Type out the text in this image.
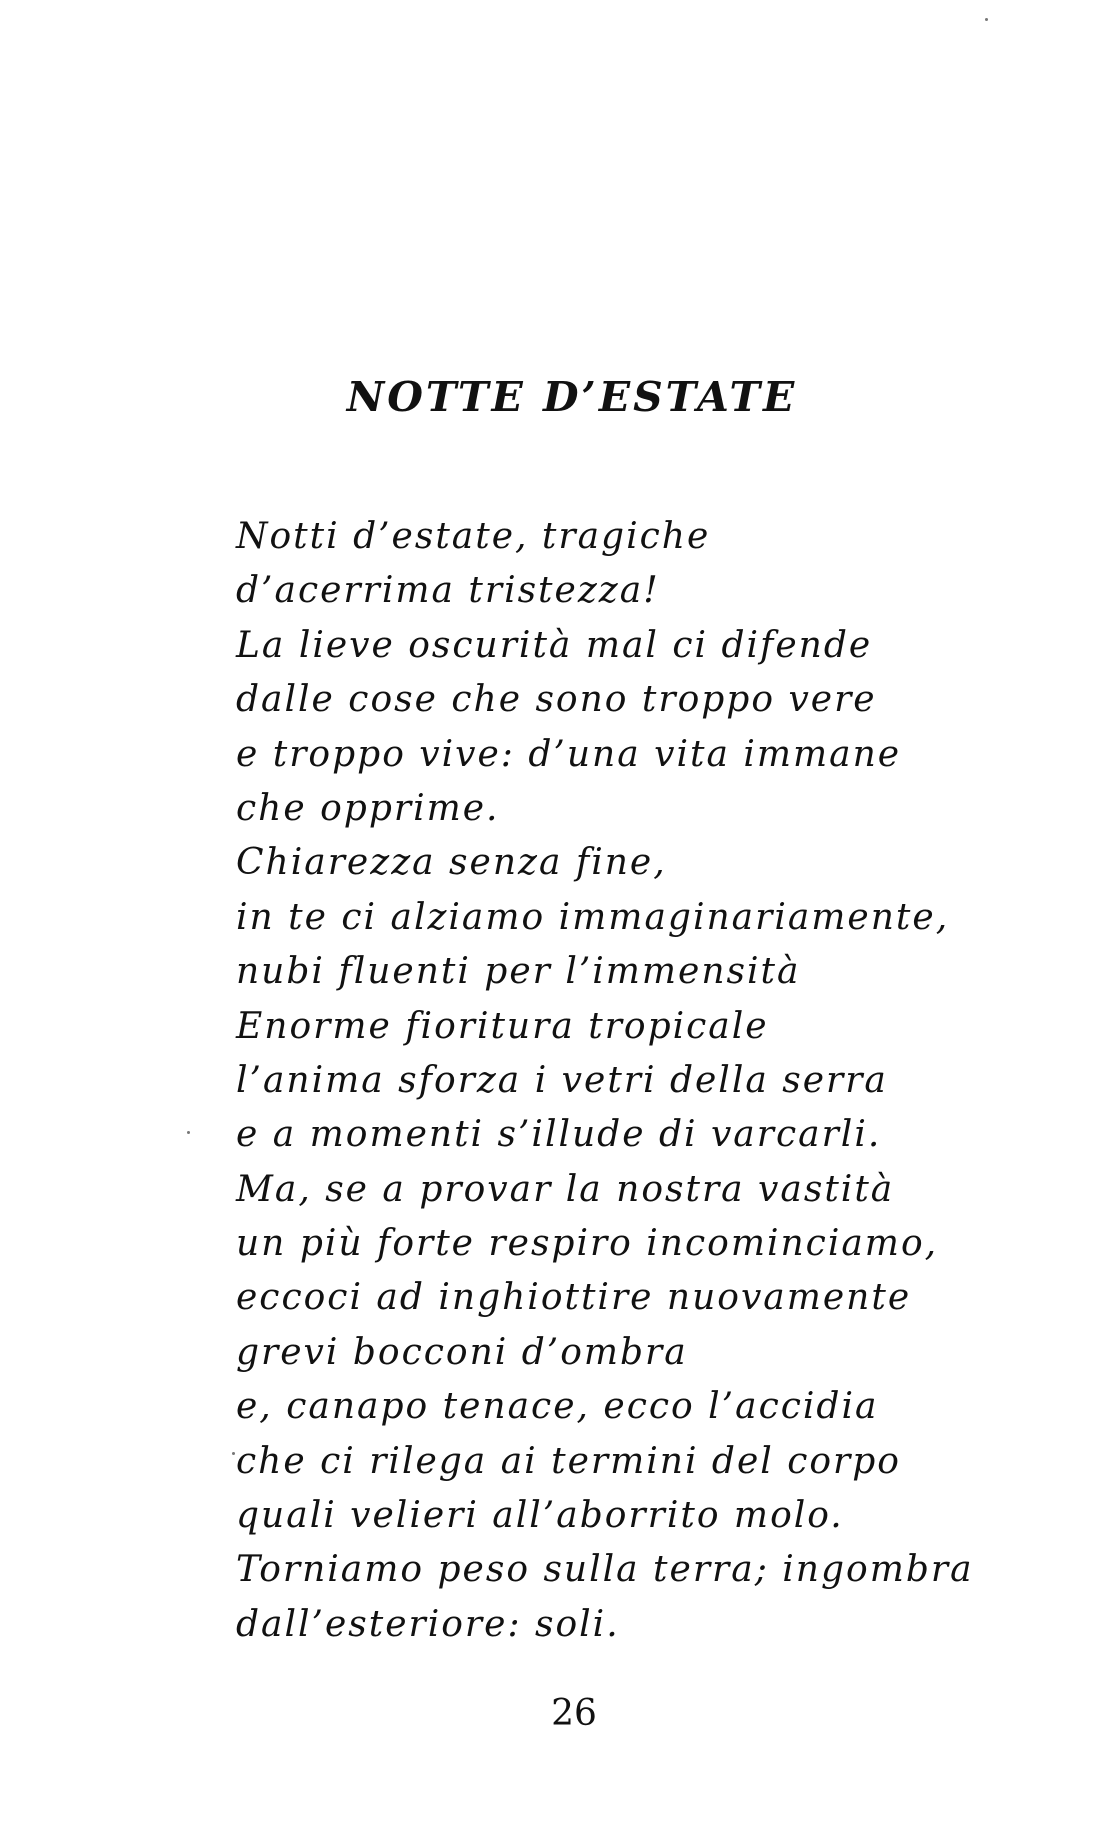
NOTTE D’ESTATE
Notti d’estate, tragiche
d’acerrima tristezza!
La lieve oscurità mal ci difende
dalle cose che sono troppo vere
e troppo vive: d’una vita immane
che opprime.
Chiarezza senza fine,
in te ci alziamo immaginariamente,
nubi fluenti per l’immensità
Enorme fioritura tropicale
l’anima sforza i vetri della serra
e a momenti s’illude di varcarli.
Ma, se a provar la nostra vastità
un più forte respiro incominciamo,
eccoci ad inghiottire nuovamente
grevi bocconi d’ombra
e, canapo tenace, ecco l’accidia
che ci rilega ai termini del corpo
quali velieri all’aborrito molo.
Torniamo peso sulla terra; ingombra
dall’esteriore: soli.
26
